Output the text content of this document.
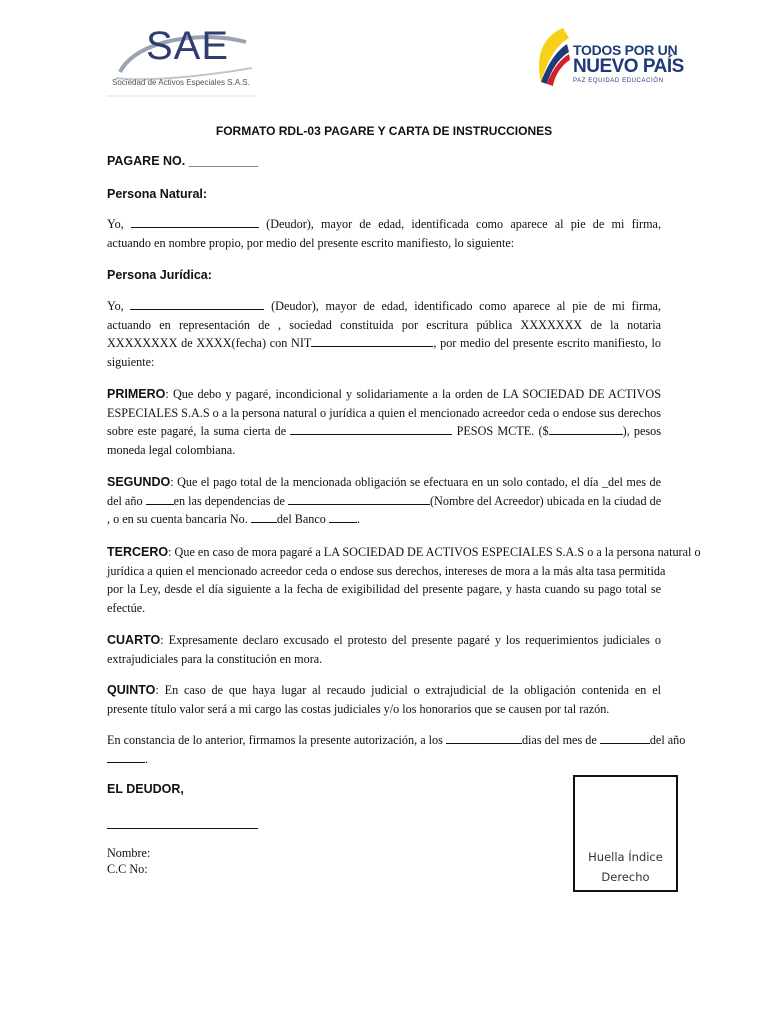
SAE
Sociedad de Activos Especiales S.A.S.
TODOS POR UN
NUEVO PAÍS
PAZ EQUIDAD EDUCACIÓN
FORMATO RDL-03 PAGARE Y CARTA DE INSTRUCCIONES
PAGARE NO. __________
Persona Natural:
Yo,	(Deudor), mayor de edad, identificada como aparece al pie de mi firma,
actuando en nombre propio, por medio del presente escrito manifiesto, lo siguiente:
Persona Jurídica:
Yo,	(Deudor), mayor de edad, identificado como aparece al pie de mi firma,
actuando en representación de , sociedad constituida por escritura pública XXXXXXX de la notaria
XXXXXXXX de XXXX(fecha) con NIT	, por medio del presente escrito manifiesto, lo
siguiente:
PRIMERO: Que debo y pagaré, incondicional y solidariamente a la orden de LA SOCIEDAD DE ACTIVOS
ESPECIALES S.A.S o a la persona natural o jurídica a quien el mencionado acreedor ceda o endose sus derechos
sobre este pagaré, la suma cierta de	PESOS MCTE. ($	), pesos
moneda legal colombiana.
SEGUNDO: Que el pago total de la mencionada obligación se efectuara en un solo contado, el día _del mes de
del año	en las dependencias de	(Nombre del Acreedor) ubicada en la ciudad de
, o en su cuenta bancaria No. del Banco	.
TERCERO: Que en caso de mora pagaré a LA SOCIEDAD DE ACTIVOS ESPECIALES S.A.S o a la persona natural o
jurídica a quien el mencionado acreedor ceda o endose sus derechos, intereses de mora a la más alta tasa permitida
por la Ley, desde el día siguiente a la fecha de exigibilidad del presente pagare, y hasta cuando su pago total se
efectúe.
CUARTO: Expresamente declaro excusado el protesto del presente pagaré y los requerimientos judiciales o
extrajudiciales para la constitución en mora.
QUINTO: En caso de que haya lugar al recaudo judicial o extrajudicial de la obligación contenida en el
presente título valor será a mi cargo las costas judiciales y/o los honorarios que se causen por tal razón.
En constancia de lo anterior, firmamos la presente autorización, a los	dias del mes de	del año
.
EL DEUDOR,
Nombre:
C.C No:
Huella Índice
Derecho
